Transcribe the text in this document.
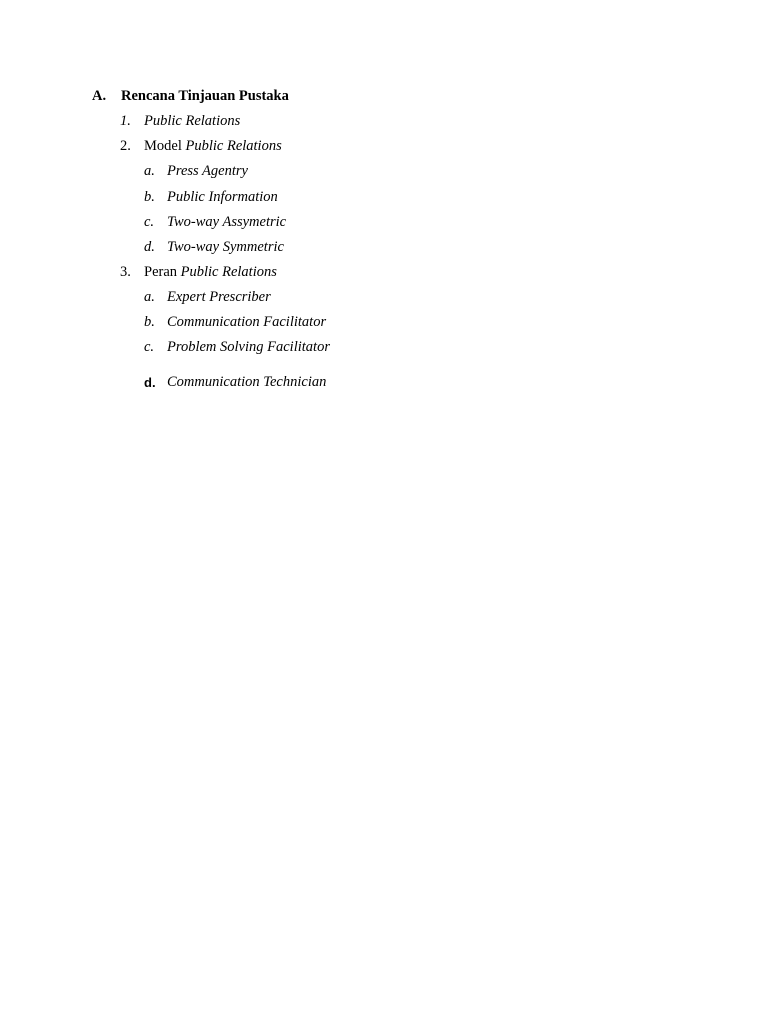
A. Rencana Tinjauan Pustaka
1. Public Relations
2. Model Public Relations
a. Press Agentry
b. Public Information
c. Two-way Assymetric
d. Two-way Symmetric
3. Peran Public Relations
a. Expert Prescriber
b. Communication Facilitator
c. Problem Solving Facilitator
d. Communication Technician
